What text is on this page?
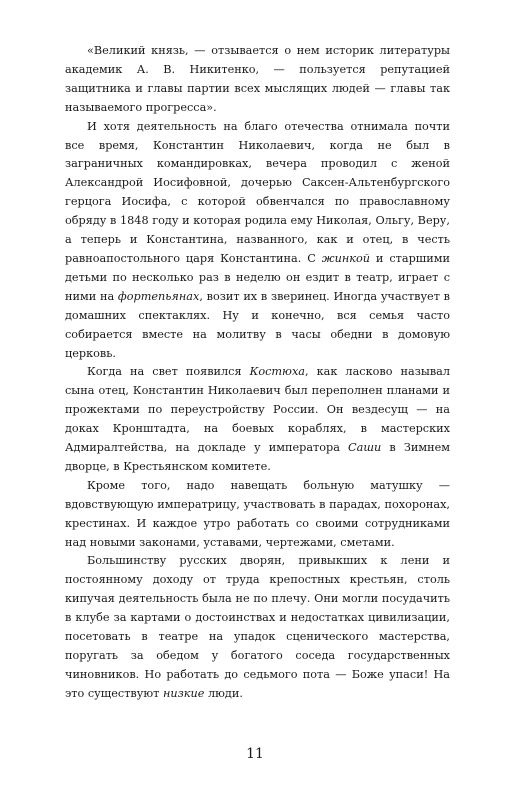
«Великий князь, — отзывается о нем историк литературы академик А. В. Никитенко, — пользуется репутацией защитника и главы партии всех мыслящих людей — главы так называемого прогресса».

И хотя деятельность на благо отечества отнимала почти все время, Константин Николаевич, когда не был в заграничных командировках, вечера проводил с женой Александрой Иосифовной, дочерью Саксен-Альтенбургского герцога Иосифа, с которой обвенчался по православному обряду в 1848 году и которая родила ему Николая, Ольгу, Веру, а теперь и Константина, названного, как и отец, в честь равноапостольного царя Константина. С жинкой и старшими детьми по несколько раз в неделю он ездит в театр, играет с ними на фортепьянах, возит их в зверинец. Иногда участвует в домашних спектаклях. Ну и конечно, вся семья часто собирается вместе на молитву в часы обедни в домовую церковь.

Когда на свет появился Костюха, как ласково называл сына отец, Константин Николаевич был переполнен планами и прожектами по переустройству России. Он вездесущ — на доках Кронштадта, на боевых кораблях, в мастерских Адмиралтейства, на докладе у императора Саши в Зимнем дворце, в Крестьянском комитете.

Кроме того, надо навещать больную матушку — вдовствующую императрицу, участвовать в парадах, похоронах, крестинах. И каждое утро работать со своими сотрудниками над новыми законами, уставами, чертежами, сметами.

Большинству русских дворян, привыкших к лени и постоянному доходу от труда крепостных крестьян, столь кипучая деятельность была не по плечу. Они могли посудачить в клубе за картами о достоинствах и недостатках цивилизации, посетовать в театре на упадок сценического мастерства, поругать за обедом у богатого соседа государственных чиновников. Но работать до седьмого пота — Боже упаси! На это существуют низкие люди.

11
